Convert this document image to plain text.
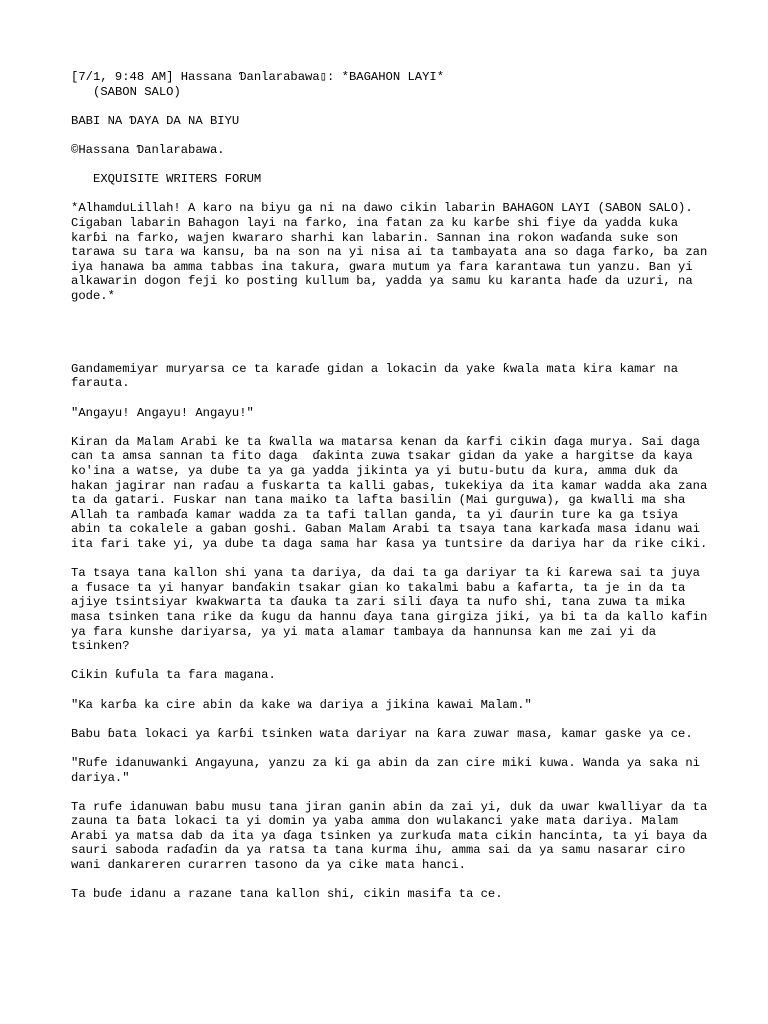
[7/1, 9:48 AM] Hassana Ɗanlarabawa▯: *BAGAHON LAYI*

(SABON SALO)

BABI NA ƊAYA DA NA BIYU

©Hassana Ɗanlarabawa.

EXQUISITE WRITERS FORUM

*AlhamduLillah! A karo na biyu ga ni na dawo cikin labarin BAHAGON LAYI (SABON SALO). Cigaban labarin Bahagon layi na farko, ina fatan za ku karɓe shi fiye da yadda kuka karɓi na farko, wajen kwararo sharhi kan labarin. Sannan ina rokon waɗanda suke son tarawa su tara wa kansu, ba na son na yi nisa ai ta tambayata ana so daga farko, ba zan iya hanawa ba amma tabbas ina takura, gwara mutum ya fara karantawa tun yanzu. Ban yi alkawarin dogon feji ko posting kullum ba, yadda ya samu ku karanta haɗe da uzuri, na gode.*

Gandamemiyar muryarsa ce ta karaɗe gidan a lokacin da yake ƙwala mata kira kamar na farauta.

"Angayu! Angayu! Angayu!"

Kiran da Malam Arabi ke ta ƙwalla wa matarsa kenan da ƙarfi cikin ɗaga murya. Sai daga can ta amsa sannan ta fito daga  ɗakinta zuwa tsakar gidan da yake a hargitse da kaya ko'ina a watse, ya dube ta ya ga yadda jikinta ya yi butu-butu da kura, amma duk da hakan jagirar nan raɗau a fuskarta ta kalli gabas, tukekiya da ita kamar wadda aka zana ta da gatari. Fuskar nan tana maiko ta lafta basilin (Mai gurguwa), ga kwalli ma sha Allah ta rambaɗa kamar wadda za ta tafi tallan ganda, ta yi ɗaurin ture ka ga tsiya abin ta cokalele a gaban goshi. Gaban Malam Arabi ta tsaya tana karkaɗa masa idanu wai ita fari take yi, ya dube ta daga sama har ƙasa ya tuntsire da dariya har da rike ciki.

Ta tsaya tana kallon shi yana ta dariya, da dai ta ga dariyar ta ƙi ƙarewa sai ta juya a fusace ta yi hanyar banɗakin tsakar gian ko takalmi babu a ƙafarta, ta je in da ta ajiye tsintsiyar kwakwarta ta ɗauka ta zari sili ɗaya ta nufo shi, tana zuwa ta mika masa tsinken tana rike da ƙugu da hannu ɗaya tana girgiza jiki, ya bi ta da kallo kafin ya fara kunshe dariyarsa, ya yi mata alamar tambaya da hannunsa kan me zai yi da tsinken?

Cikin ƙufula ta fara magana.

"Ka karɓa ka cire abin da kake wa dariya a jikina kawai Malam."

Babu ɓata lokaci ya ƙarɓi tsinken wata dariyar na ƙara zuwar masa, kamar gaske ya ce.

"Rufe idanuwanki Angayuna, yanzu za ki ga abin da zan cire miki kuwa. Wanda ya saka ni dariya."

Ta rufe idanuwan babu musu tana jiran ganin abin da zai yi, duk da uwar kwalliyar da ta zauna ta ɓata lokaci ta yi domin ya yaba amma don wulakanci yake mata dariya. Malam Arabi ya matsa dab da ita ya ɗaga tsinken ya zurkuɗa mata cikin hancinta, ta yi baya da sauri saboda raɗaɗin da ya ratsa ta tana kurma ihu, amma sai da ya samu nasarar ciro wani dankareren curarren tasono da ya cike mata hanci.

Ta buɗe idanu a razane tana kallon shi, cikin masifa ta ce.
